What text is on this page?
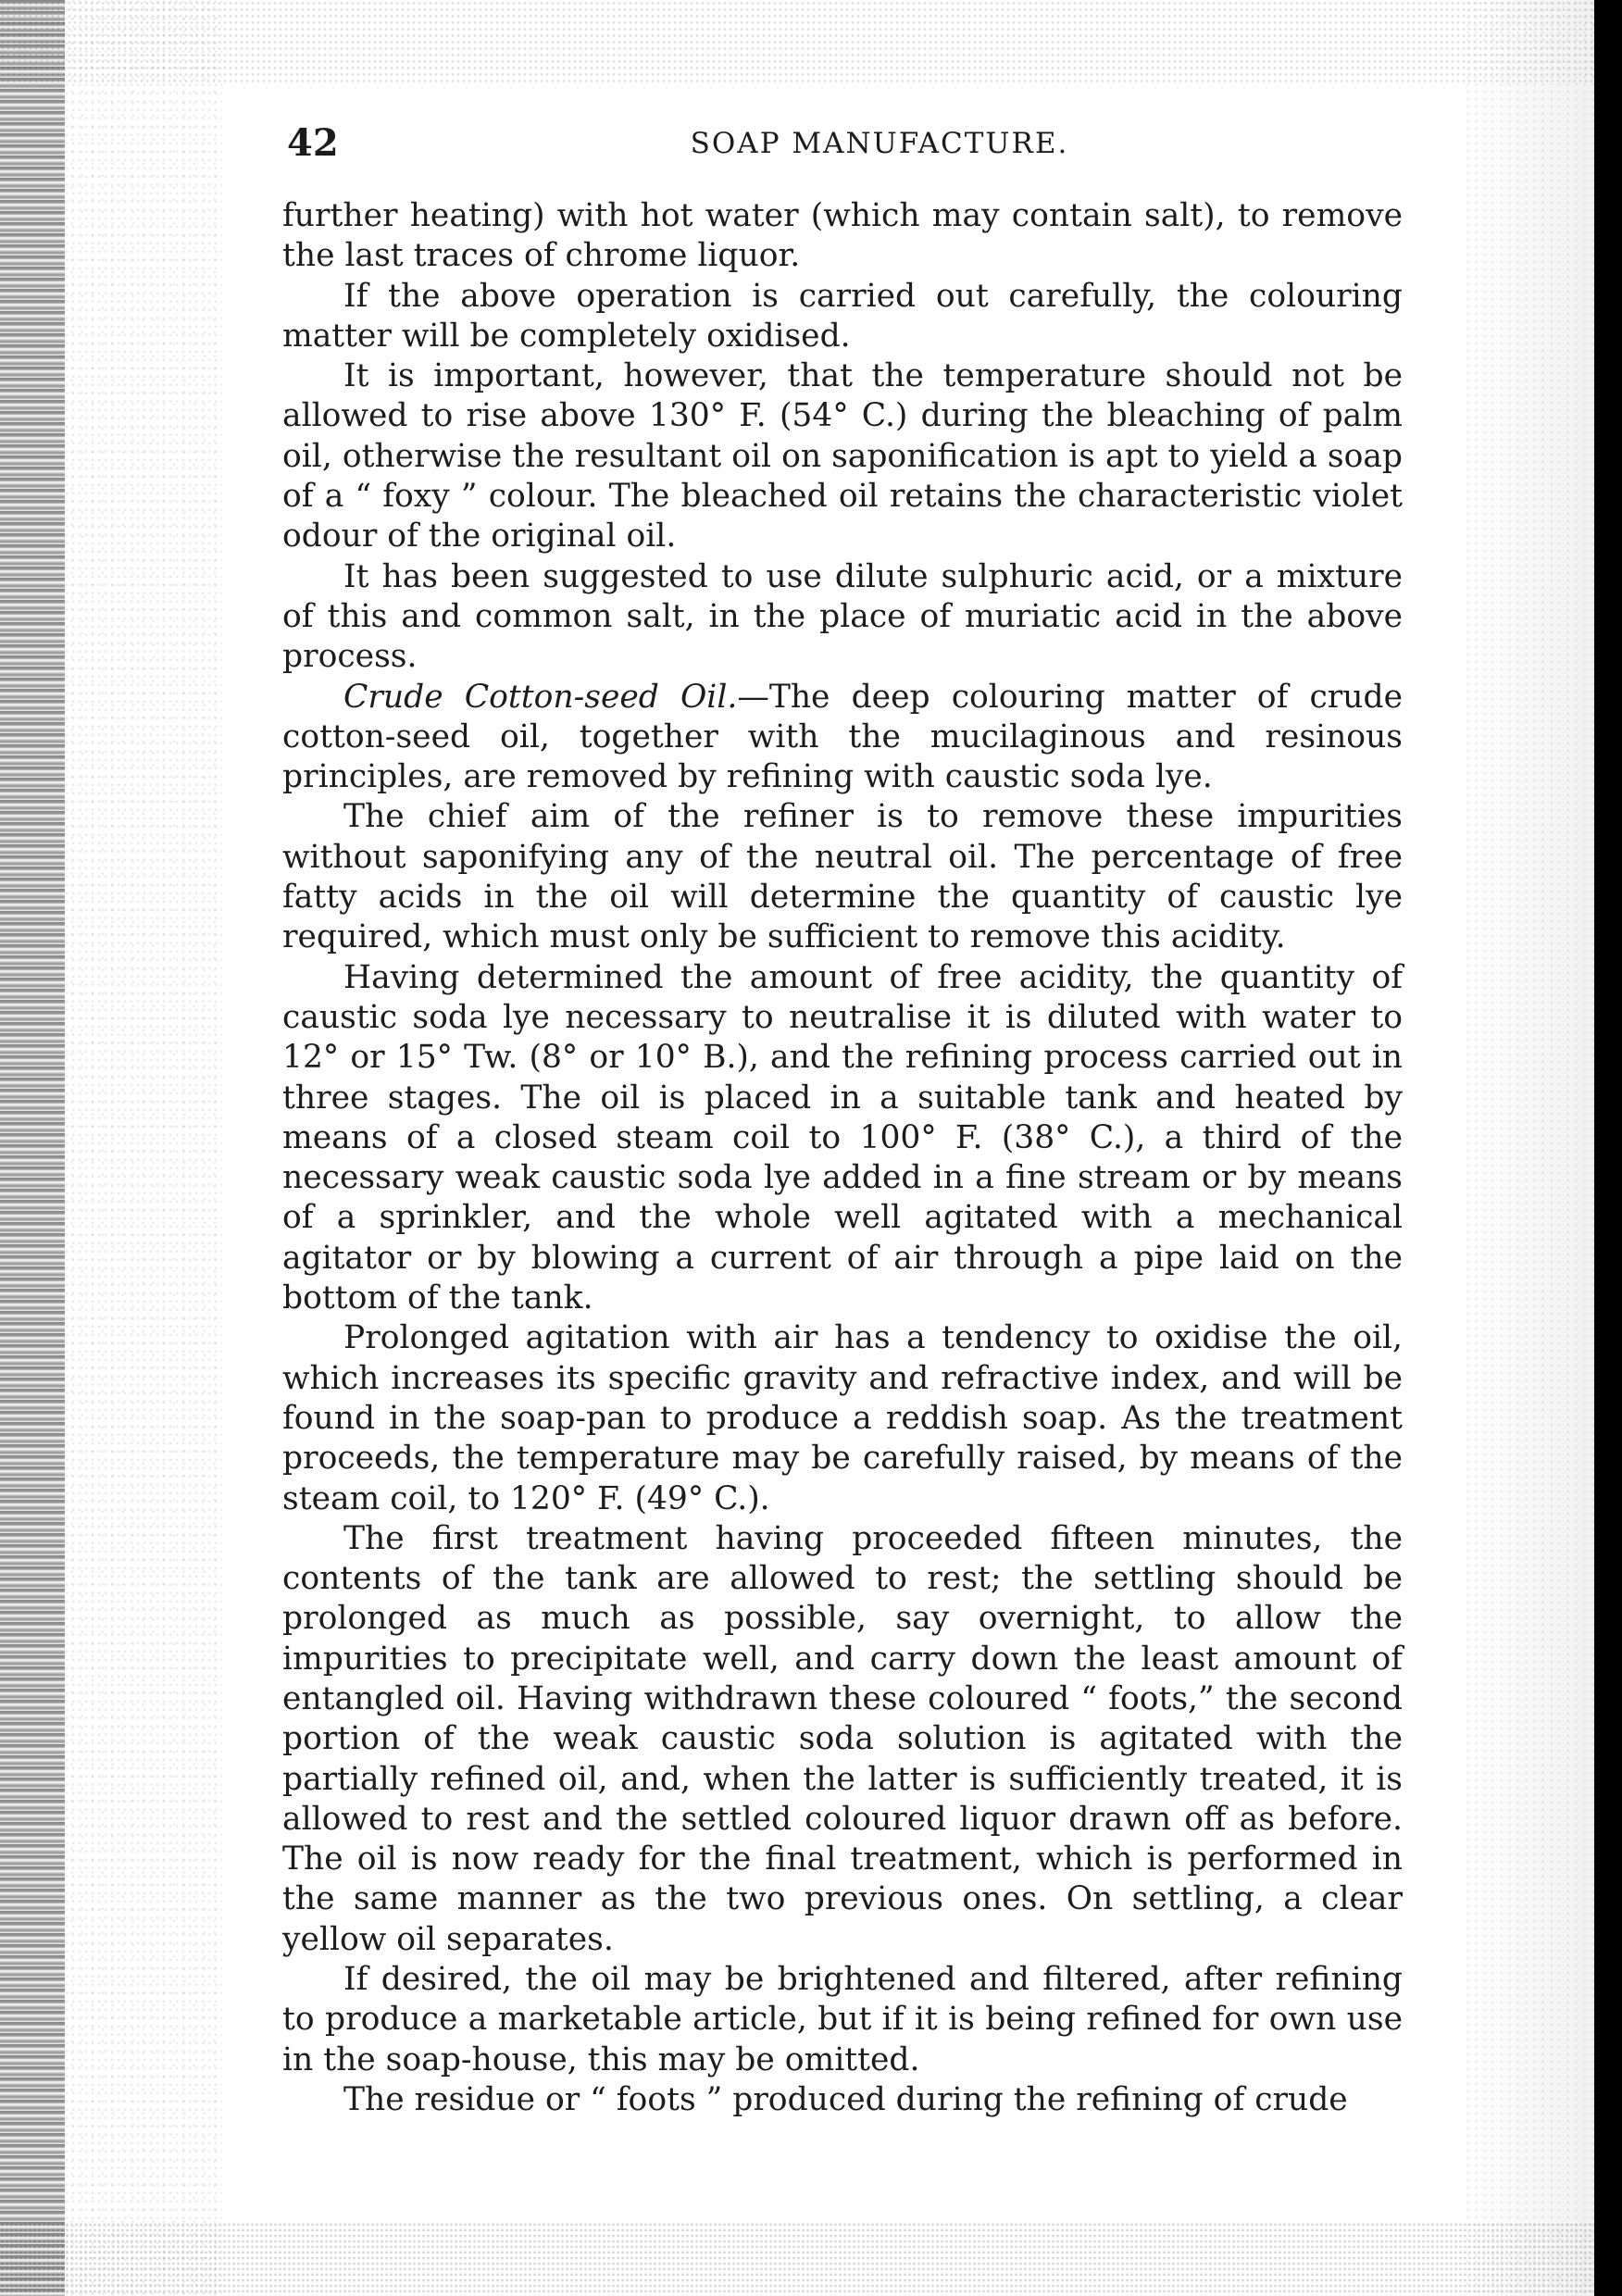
42	SOAP MANUFACTURE.

further heating) with hot water (which may contain salt), to remove the last traces of chrome liquor.

If the above operation is carried out carefully, the colouring matter will be completely oxidised.

It is important, however, that the temperature should not be allowed to rise above 130° F. (54° C.) during the bleaching of palm oil, otherwise the resultant oil on saponification is apt to yield a soap of a “ foxy ” colour. The bleached oil retains the characteristic violet odour of the original oil.

It has been suggested to use dilute sulphuric acid, or a mixture of this and common salt, in the place of muriatic acid in the above process.

Crude Cotton-seed Oil.—The deep colouring matter of crude cotton-seed oil, together with the mucilaginous and resinous principles, are removed by refining with caustic soda lye.

The chief aim of the refiner is to remove these impurities without saponifying any of the neutral oil. The percentage of free fatty acids in the oil will determine the quantity of caustic lye required, which must only be sufficient to remove this acidity.

Having determined the amount of free acidity, the quantity of caustic soda lye necessary to neutralise it is diluted with water to 12° or 15° Tw. (8° or 10° B.), and the refining process carried out in three stages. The oil is placed in a suitable tank and heated by means of a closed steam coil to 100° F. (38° C.), a third of the necessary weak caustic soda lye added in a fine stream or by means of a sprinkler, and the whole well agitated with a mechanical agitator or by blowing a current of air through a pipe laid on the bottom of the tank.

Prolonged agitation with air has a tendency to oxidise the oil, which increases its specific gravity and refractive index, and will be found in the soap-pan to produce a reddish soap. As the treatment proceeds, the temperature may be carefully raised, by means of the steam coil, to 120° F. (49° C.).

The first treatment having proceeded fifteen minutes, the contents of the tank are allowed to rest; the settling should be prolonged as much as possible, say overnight, to allow the impurities to precipitate well, and carry down the least amount of entangled oil. Having withdrawn these coloured “ foots,” the second portion of the weak caustic soda solution is agitated with the partially refined oil, and, when the latter is sufficiently treated, it is allowed to rest and the settled coloured liquor drawn off as before. The oil is now ready for the final treatment, which is performed in the same manner as the two previous ones. On settling, a clear yellow oil separates.

If desired, the oil may be brightened and filtered, after refining to produce a marketable article, but if it is being refined for own use in the soap-house, this may be omitted.

The residue or “ foots ” produced during the refining of crude
